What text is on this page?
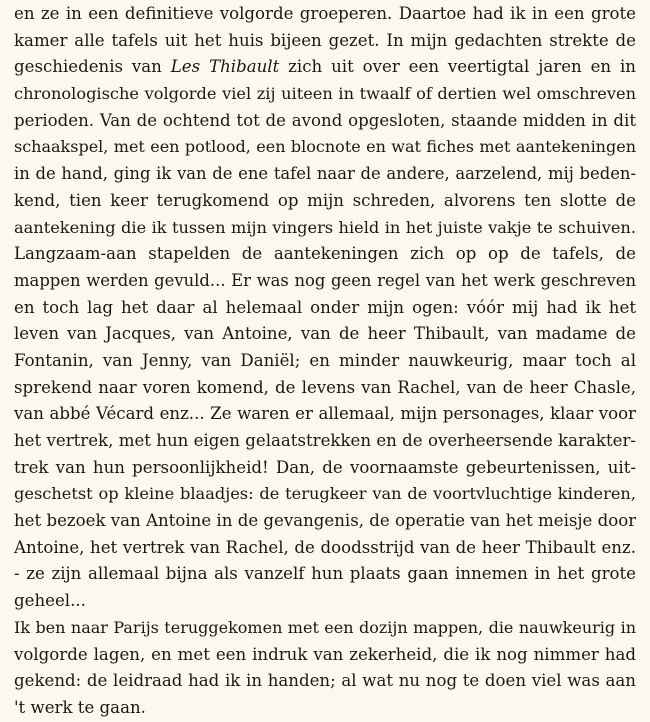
en ze in een definitieve volgorde groeperen. Daartoe had ik in een grote
kamer alle tafels uit het huis bijeen gezet. In mijn gedachten strekte de
geschiedenis van Les Thibault zich uit over een veertigtal jaren en in
chronologische volgorde viel zij uiteen in twaalf of dertien wel omschreven
perioden. Van de ochtend tot de avond opgesloten, staande midden in dit
schaakspel, met een potlood, een blocnote en wat fiches met aantekeningen
in de hand, ging ik van de ene tafel naar de andere, aarzelend, mij beden-
kend, tien keer terugkomend op mijn schreden, alvorens ten slotte de
aantekening die ik tussen mijn vingers hield in het juiste vakje te schuiven.
Langzaam-aan stapelden de aantekeningen zich op op de tafels, de
mappen werden gevuld... Er was nog geen regel van het werk geschreven
en toch lag het daar al helemaal onder mijn ogen: vóór mij had ik het
leven van Jacques, van Antoine, van de heer Thibault, van madame de
Fontanin, van Jenny, van Daniël; en minder nauwkeurig, maar toch al
sprekend naar voren komend, de levens van Rachel, van de heer Chasle,
van abbé Vécard enz... Ze waren er allemaal, mijn personages, klaar voor
het vertrek, met hun eigen gelaatstrekken en de overheersende karakter-
trek van hun persoonlijkheid! Dan, de voornaamste gebeurtenissen, uit-
geschetst op kleine blaadjes: de terugkeer van de voortvluchtige kinderen,
het bezoek van Antoine in de gevangenis, de operatie van het meisje door
Antoine, het vertrek van Rachel, de doodsstrijd van de heer Thibault enz.
- ze zijn allemaal bijna als vanzelf hun plaats gaan innemen in het grote
geheel...
Ik ben naar Parijs teruggekomen met een dozijn mappen, die nauwkeurig in
volgorde lagen, en met een indruk van zekerheid, die ik nog nimmer had
gekend: de leidraad had ik in handen; al wat nu nog te doen viel was aan
't werk te gaan.
